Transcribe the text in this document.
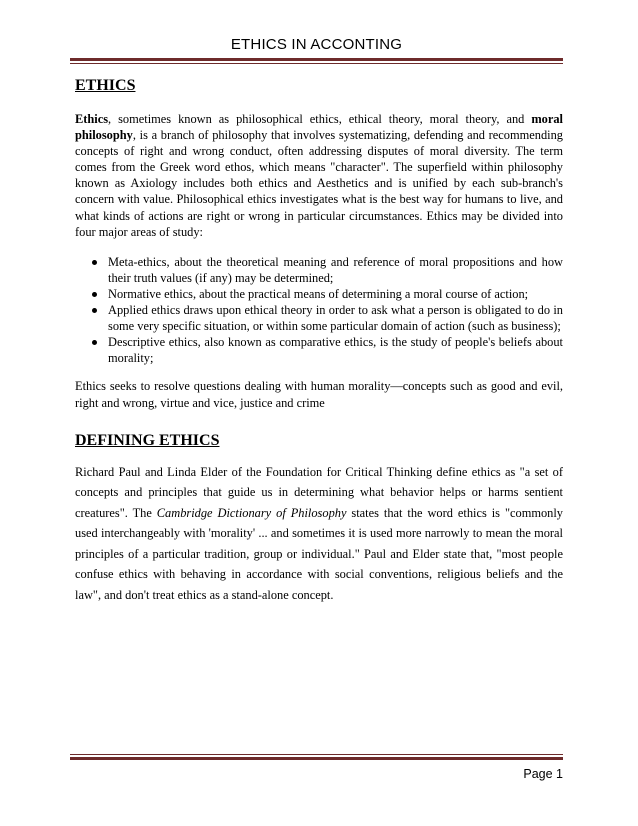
ETHICS IN ACCONTING
ETHICS

Ethics, sometimes known as philosophical ethics, ethical theory, moral theory, and moral philosophy, is a branch of philosophy that involves systematizing, defending and recommending concepts of right and wrong conduct, often addressing disputes of moral diversity. The term comes from the Greek word ethos, which means "character". The superfield within philosophy known as Axiology includes both ethics and Aesthetics and is unified by each sub-branch's concern with value. Philosophical ethics investigates what is the best way for humans to live, and what kinds of actions are right or wrong in particular circumstances. Ethics may be divided into four major areas of study:

Meta-ethics, about the theoretical meaning and reference of moral propositions and how their truth values (if any) may be determined;
Normative ethics, about the practical means of determining a moral course of action;
Applied ethics draws upon ethical theory in order to ask what a person is obligated to do in some very specific situation, or within some particular domain of action (such as business);
Descriptive ethics, also known as comparative ethics, is the study of people's beliefs about morality;

Ethics seeks to resolve questions dealing with human morality—concepts such as good and evil, right and wrong, virtue and vice, justice and crime

DEFINING ETHICS

Richard Paul and Linda Elder of the Foundation for Critical Thinking define ethics as "a set of concepts and principles that guide us in determining what behavior helps or harms sentient creatures". The Cambridge Dictionary of Philosophy states that the word ethics is "commonly used interchangeably with 'morality' ... and sometimes it is used more narrowly to mean the moral principles of a particular tradition, group or individual." Paul and Elder state that, "most people confuse ethics with behaving in accordance with social conventions, religious beliefs and the law", and don't treat ethics as a stand-alone concept.

Page 1
